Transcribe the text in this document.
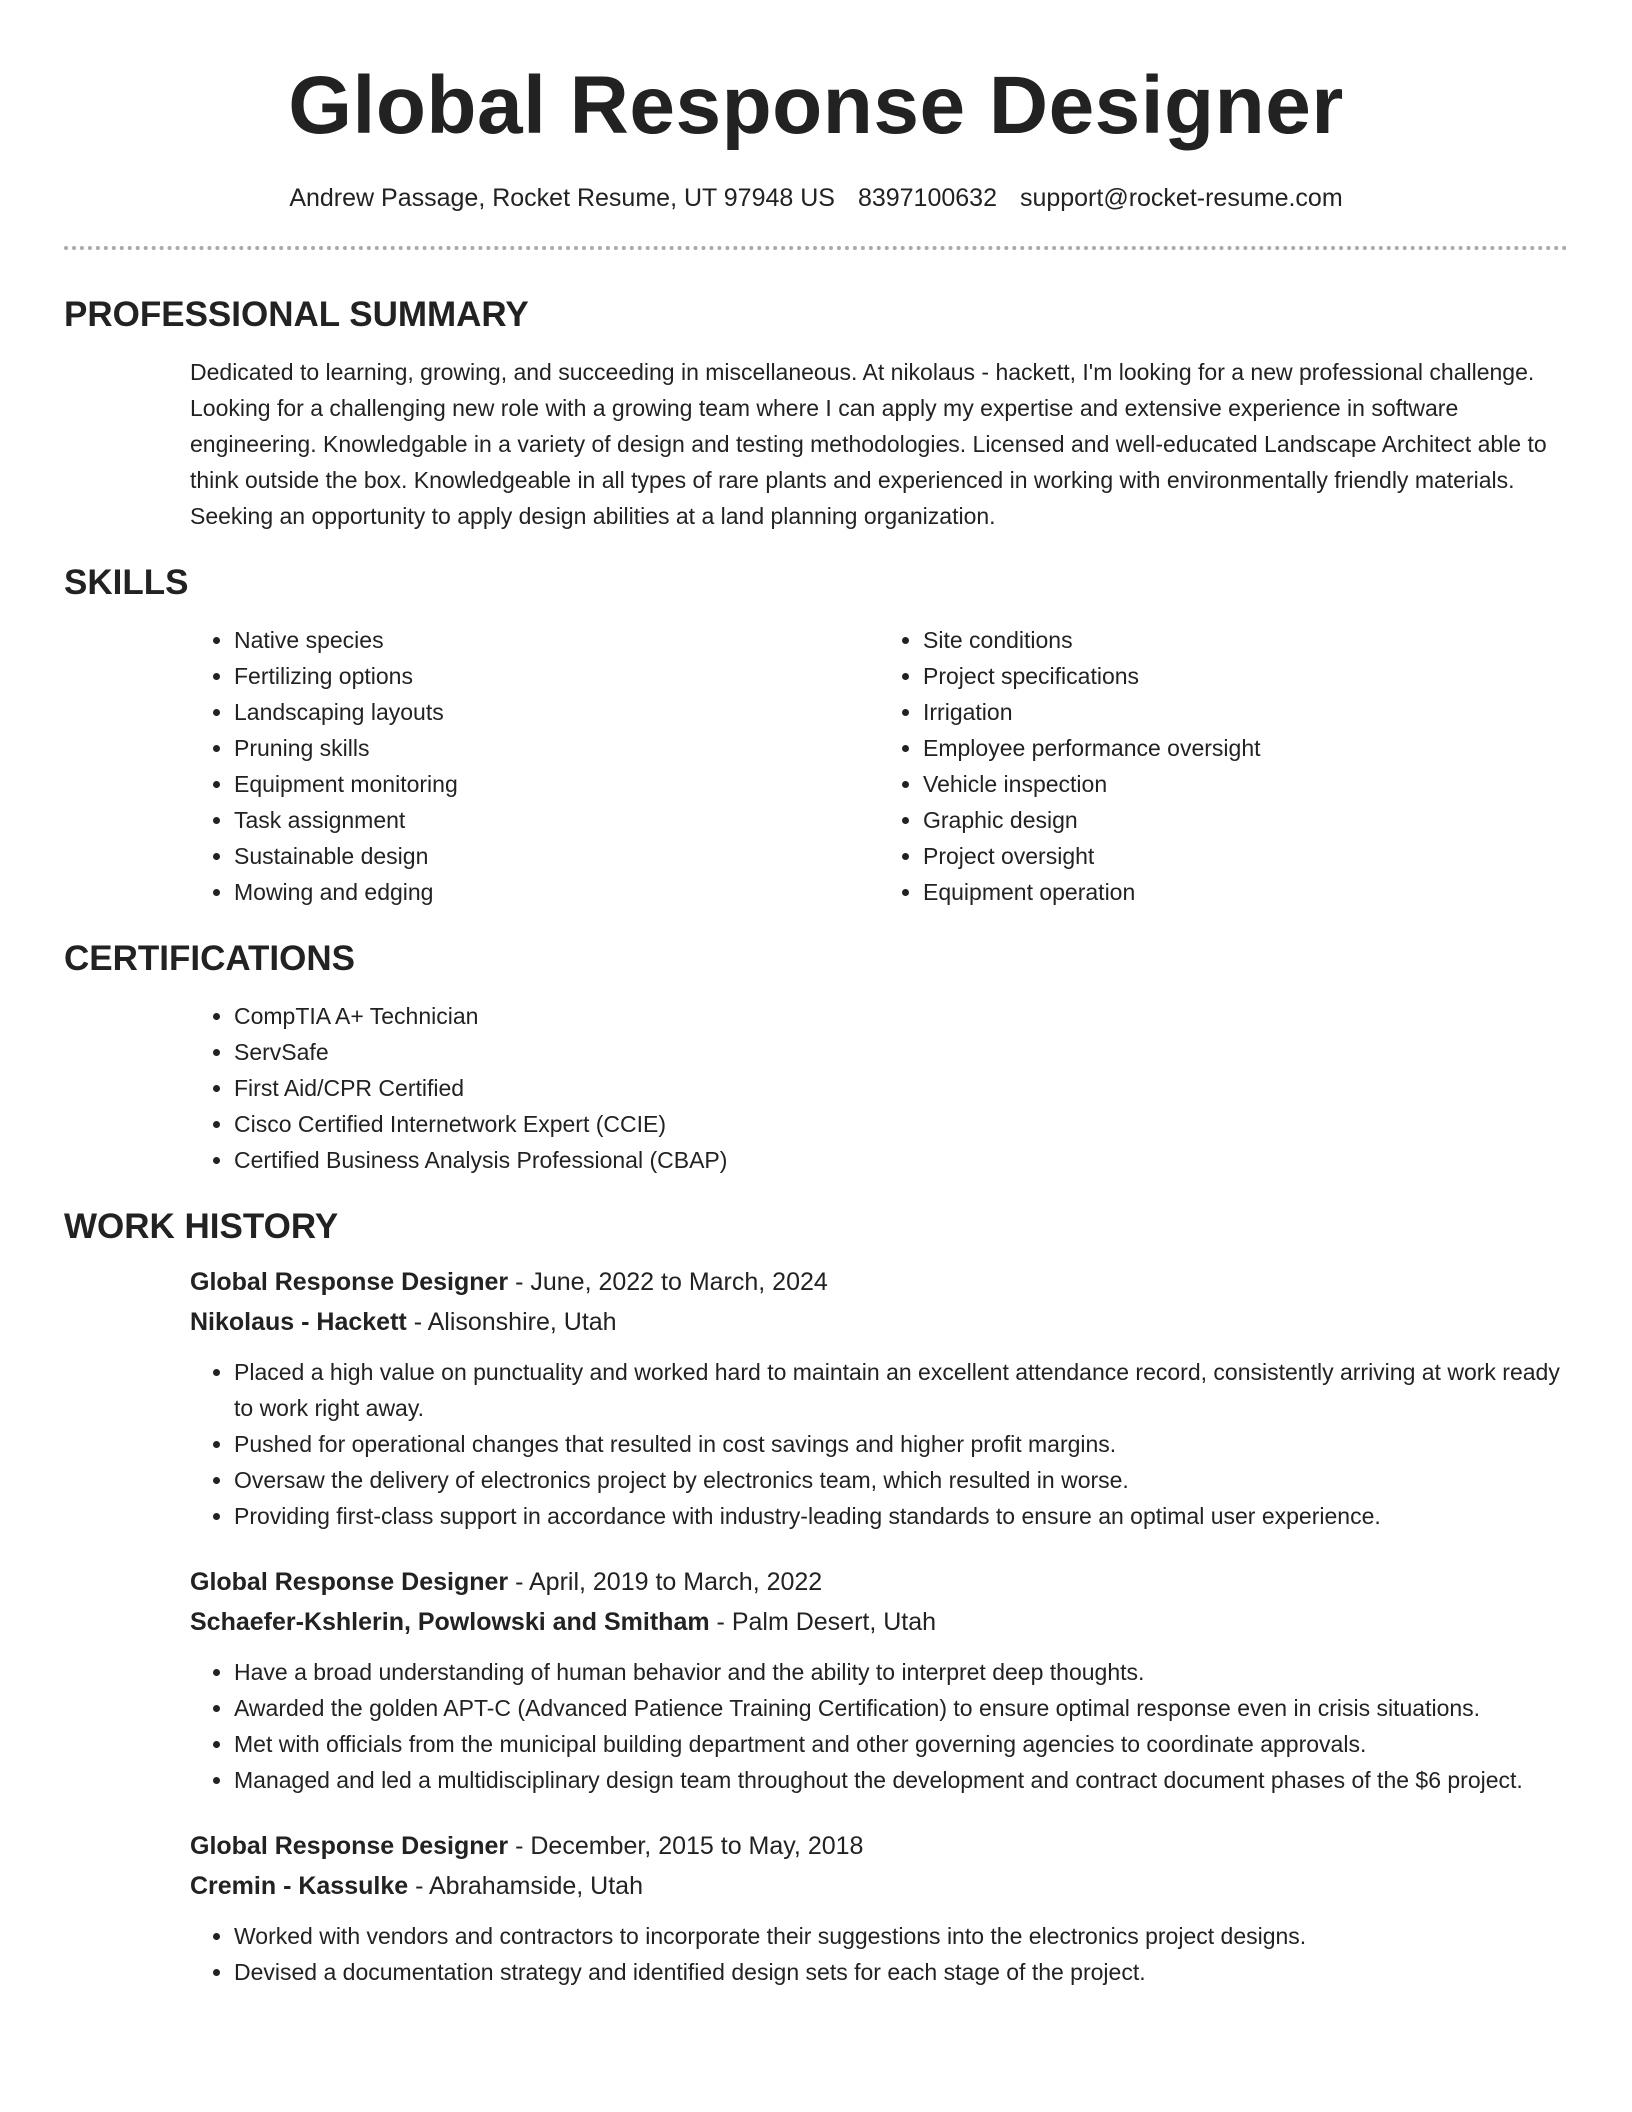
Global Response Designer
Andrew Passage, Rocket Resume, UT 97948 US 8397100632 support@rocket-resume.com
PROFESSIONAL SUMMARY

Dedicated to learning, growing, and succeeding in miscellaneous. At nikolaus - hackett, I'm looking for a new professional challenge. Looking for a challenging new role with a growing team where I can apply my expertise and extensive experience in software engineering. Knowledgable in a variety of design and testing methodologies. Licensed and well-educated Landscape Architect able to think outside the box. Knowledgeable in all types of rare plants and experienced in working with environmentally friendly materials. Seeking an opportunity to apply design abilities at a land planning organization.

SKILLS
• Native species
• Fertilizing options
• Landscaping layouts
• Pruning skills
• Equipment monitoring
• Task assignment
• Sustainable design
• Mowing and edging
• Site conditions
• Project specifications
• Irrigation
• Employee performance oversight
• Vehicle inspection
• Graphic design
• Project oversight
• Equipment operation
CERTIFICATIONS
• CompTIA A+ Technician
• ServSafe
• First Aid/CPR Certified
• Cisco Certified Internetwork Expert (CCIE)
• Certified Business Analysis Professional (CBAP)
WORK HISTORY
Global Response Designer - June, 2022 to March, 2024
Nikolaus - Hackett - Alisonshire, Utah
• Placed a high value on punctuality and worked hard to maintain an excellent attendance record, consistently arriving at work ready to work right away.
• Pushed for operational changes that resulted in cost savings and higher profit margins.
• Oversaw the delivery of electronics project by electronics team, which resulted in worse.
• Providing first-class support in accordance with industry-leading standards to ensure an optimal user experience.
Global Response Designer - April, 2019 to March, 2022
Schaefer-Kshlerin, Powlowski and Smitham - Palm Desert, Utah
• Have a broad understanding of human behavior and the ability to interpret deep thoughts.
• Awarded the golden APT-C (Advanced Patience Training Certification) to ensure optimal response even in crisis situations.
• Met with officials from the municipal building department and other governing agencies to coordinate approvals.
• Managed and led a multidisciplinary design team throughout the development and contract document phases of the $6 project.
Global Response Designer - December, 2015 to May, 2018
Cremin - Kassulke - Abrahamside, Utah
• Worked with vendors and contractors to incorporate their suggestions into the electronics project designs.
• Devised a documentation strategy and identified design sets for each stage of the project.
